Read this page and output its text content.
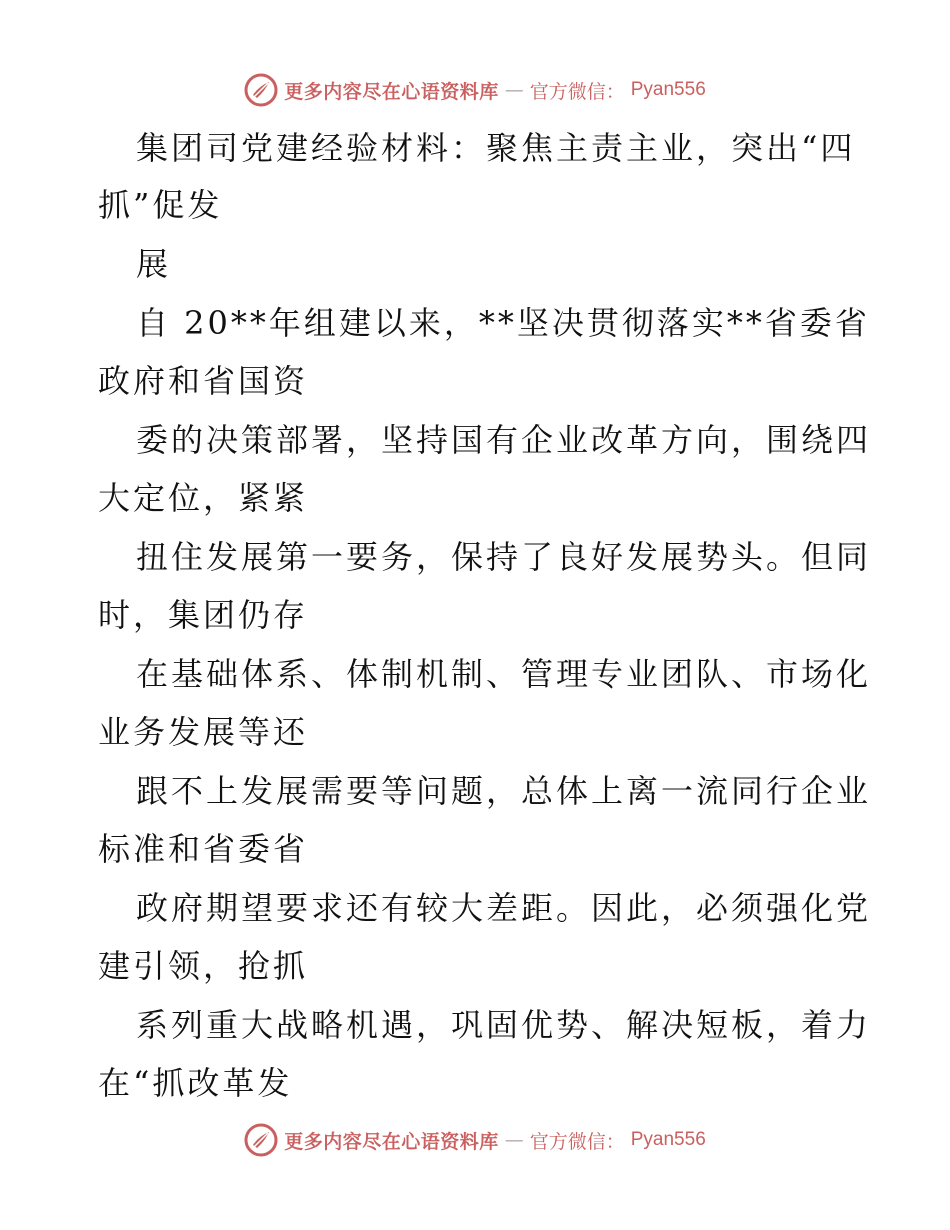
更多内容尽在心语资料库 — 官方微信： Pyan556
集团司党建经验材料：聚焦主责主业，突出“四
抓”促发
展
自 20**年组建以来，**坚决贯彻落实**省委省
政府和省国资
委的决策部署，坚持国有企业改革方向，围绕四
大定位，紧紧
扭住发展第一要务，保持了良好发展势头。但同
时，集团仍存
在基础体系、体制机制、管理专业团队、市场化
业务发展等还
跟不上发展需要等问题，总体上离一流同行企业
标准和省委省
政府期望要求还有较大差距。因此，必须强化党
建引领，抢抓
系列重大战略机遇，巩固优势、解决短板，着力
在“抓改革发
更多内容尽在心语资料库 — 官方微信： Pyan556
